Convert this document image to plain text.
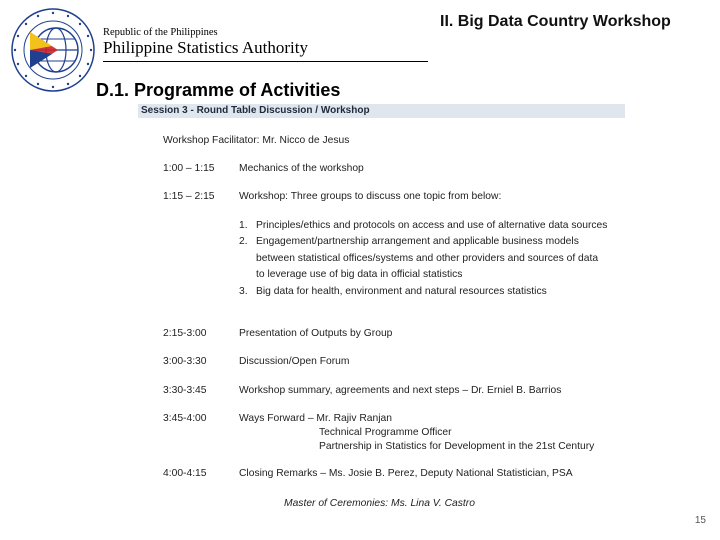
Republic of the Philippines
Philippine Statistics Authority
II. Big Data Country Workshop
D.1. Programme of Activities
Session 3 - Round Table Discussion / Workshop
Workshop Facilitator: Mr. Nicco de Jesus
1:00 – 1:15 Mechanics of the workshop
1:15 – 2:15 Workshop: Three groups to discuss one topic from below:
1. Principles/ethics and protocols on access and use of alternative data sources
2. Engagement/partnership arrangement and applicable business models
between statistical offices/systems and other providers and sources of data
to leverage use of big data in official statistics
3. Big data for health, environment and natural resources statistics
2:15-3:00	Presentation of Outputs by Group
3:00-3:30	Discussion/Open Forum
3:30-3:45	Workshop summary, agreements and next steps – Dr. Erniel B. Barrios
3:45-4:00	Ways Forward – Mr. Rajiv Ranjan
Technical Programme Officer
Partnership in Statistics for Development in the 21st Century
4:00-4:15	Closing Remarks – Ms. Josie B. Perez, Deputy National Statistician, PSA
Master of Ceremonies: Ms. Lina V. Castro
15
